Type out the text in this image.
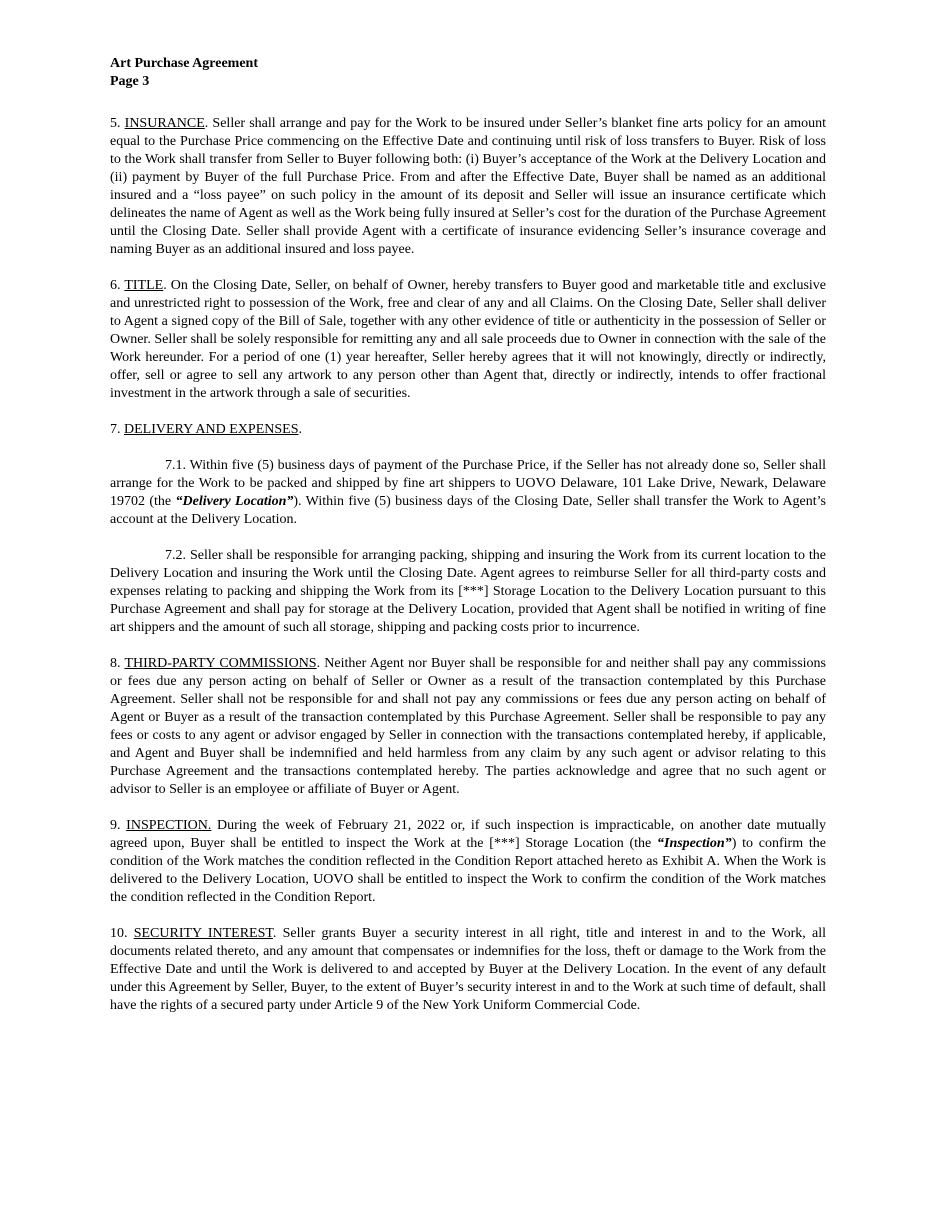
Art Purchase Agreement
Page 3

5. INSURANCE. Seller shall arrange and pay for the Work to be insured under Seller’s blanket fine arts policy for an amount equal to the Purchase Price commencing on the Effective Date and continuing until risk of loss transfers to Buyer. Risk of loss to the Work shall transfer from Seller to Buyer following both: (i) Buyer’s acceptance of the Work at the Delivery Location and (ii) payment by Buyer of the full Purchase Price. From and after the Effective Date, Buyer shall be named as an additional insured and a “loss payee” on such policy in the amount of its deposit and Seller will issue an insurance certificate which delineates the name of Agent as well as the Work being fully insured at Seller’s cost for the duration of the Purchase Agreement until the Closing Date. Seller shall provide Agent with a certificate of insurance evidencing Seller’s insurance coverage and naming Buyer as an additional insured and loss payee.

6. TITLE. On the Closing Date, Seller, on behalf of Owner, hereby transfers to Buyer good and marketable title and exclusive and unrestricted right to possession of the Work, free and clear of any and all Claims. On the Closing Date, Seller shall deliver to Agent a signed copy of the Bill of Sale, together with any other evidence of title or authenticity in the possession of Seller or Owner. Seller shall be solely responsible for remitting any and all sale proceeds due to Owner in connection with the sale of the Work hereunder. For a period of one (1) year hereafter, Seller hereby agrees that it will not knowingly, directly or indirectly, offer, sell or agree to sell any artwork to any person other than Agent that, directly or indirectly, intends to offer fractional investment in the artwork through a sale of securities.

7. DELIVERY AND EXPENSES.

7.1. Within five (5) business days of payment of the Purchase Price, if the Seller has not already done so, Seller shall arrange for the Work to be packed and shipped by fine art shippers to UOVO Delaware, 101 Lake Drive, Newark, Delaware 19702 (the “Delivery Location”). Within five (5) business days of the Closing Date, Seller shall transfer the Work to Agent’s account at the Delivery Location.

7.2. Seller shall be responsible for arranging packing, shipping and insuring the Work from its current location to the Delivery Location and insuring the Work until the Closing Date. Agent agrees to reimburse Seller for all third-party costs and expenses relating to packing and shipping the Work from its [***] Storage Location to the Delivery Location pursuant to this Purchase Agreement and shall pay for storage at the Delivery Location, provided that Agent shall be notified in writing of fine art shippers and the amount of such all storage, shipping and packing costs prior to incurrence.

8. THIRD-PARTY COMMISSIONS. Neither Agent nor Buyer shall be responsible for and neither shall pay any commissions or fees due any person acting on behalf of Seller or Owner as a result of the transaction contemplated by this Purchase Agreement. Seller shall not be responsible for and shall not pay any commissions or fees due any person acting on behalf of Agent or Buyer as a result of the transaction contemplated by this Purchase Agreement. Seller shall be responsible to pay any fees or costs to any agent or advisor engaged by Seller in connection with the transactions contemplated hereby, if applicable, and Agent and Buyer shall be indemnified and held harmless from any claim by any such agent or advisor relating to this Purchase Agreement and the transactions contemplated hereby. The parties acknowledge and agree that no such agent or advisor to Seller is an employee or affiliate of Buyer or Agent.

9. INSPECTION. During the week of February 21, 2022 or, if such inspection is impracticable, on another date mutually agreed upon, Buyer shall be entitled to inspect the Work at the [***] Storage Location (the “Inspection”) to confirm the condition of the Work matches the condition reflected in the Condition Report attached hereto as Exhibit A. When the Work is delivered to the Delivery Location, UOVO shall be entitled to inspect the Work to confirm the condition of the Work matches the condition reflected in the Condition Report.

10. SECURITY INTEREST. Seller grants Buyer a security interest in all right, title and interest in and to the Work, all documents related thereto, and any amount that compensates or indemnifies for the loss, theft or damage to the Work from the Effective Date and until the Work is delivered to and accepted by Buyer at the Delivery Location. In the event of any default under this Agreement by Seller, Buyer, to the extent of Buyer’s security interest in and to the Work at such time of default, shall have the rights of a secured party under Article 9 of the New York Uniform Commercial Code.
